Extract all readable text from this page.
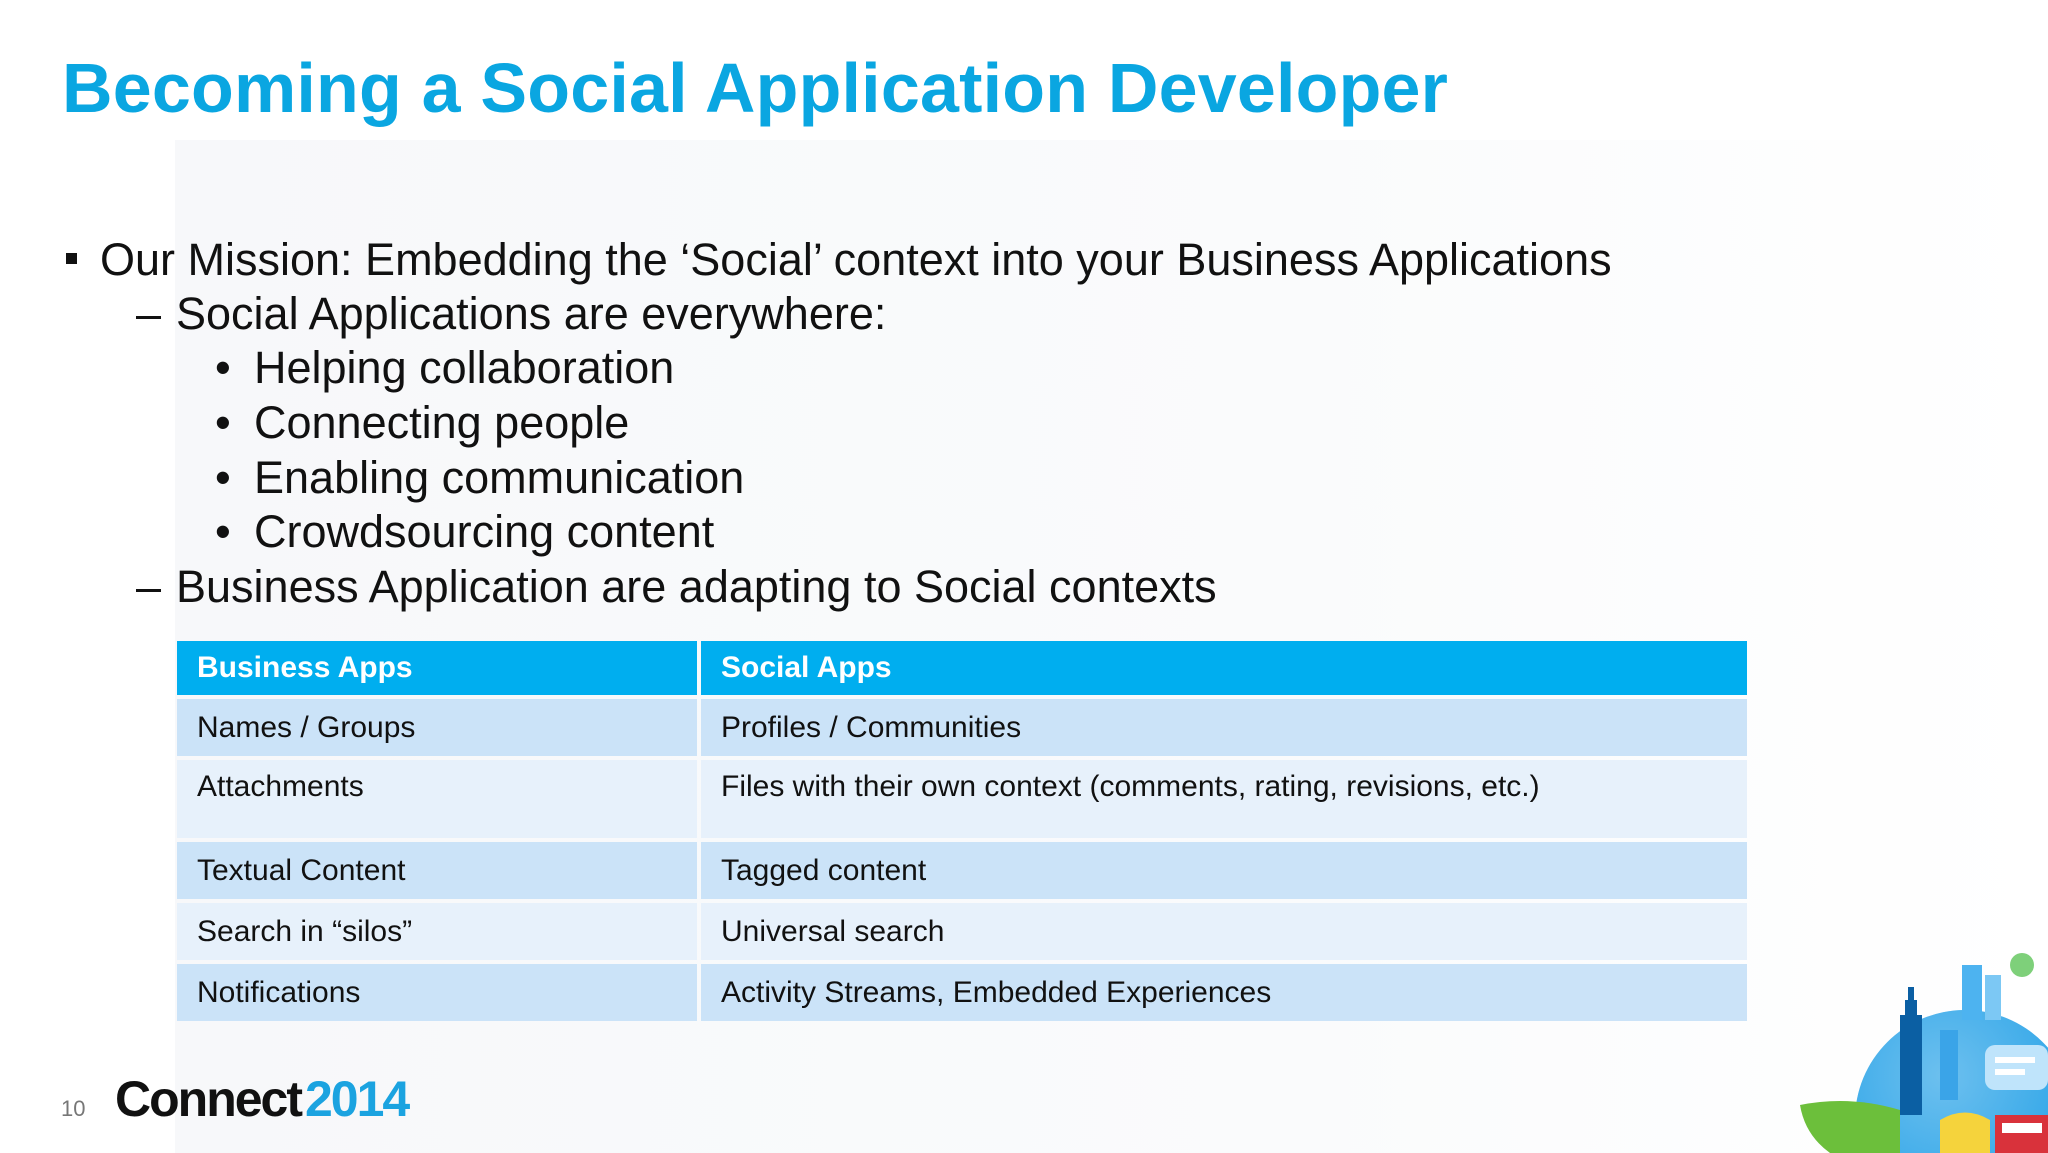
Becoming a Social Application Developer
Our Mission: Embedding the ‘Social’ context into your Business Applications
– Social Applications are everywhere:
• Helping collaboration
• Connecting people
• Enabling communication
• Crowdsourcing content
– Business Application are adapting to Social contexts
Business Apps	Social Apps
Names / Groups	Profiles / Communities
Attachments	Files with their own context (comments, rating, revisions, etc.)
Textual Content	Tagged content
Search in “silos”	Universal search
Notifications	Activity Streams, Embedded Experiences
10 Connect2014
